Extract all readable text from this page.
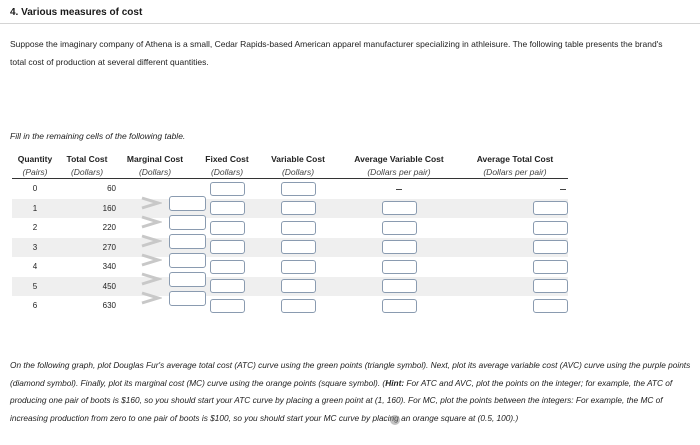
4. Various measures of cost
Suppose the imaginary company of Athena is a small, Cedar Rapids-based American apparel manufacturer specializing in athleisure. The following table presents the brand's total cost of production at several different quantities.
Fill in the remaining cells of the following table.
Quantity	Total Cost	Marginal Cost	Fixed Cost	Variable Cost	Average Variable Cost	Average Total Cost
(Pairs)	(Dollars)	(Dollars)	(Dollars)	(Dollars)	(Dollars per pair)	(Dollars per pair)
0	60					
1	160					
2	220					
3	270					
4	340					
5	450					
6	630					
On the following graph, plot Douglas Fur's average total cost (ATC) curve using the green points (triangle symbol). Next, plot its average variable cost (AVC) curve using the purple points (diamond symbol). Finally, plot its marginal cost (MC) curve using the orange points (square symbol). (Hint: For ATC and AVC, plot the points on the integer; for example, the ATC of producing one pair of boots is $160, so you should start your ATC curve by placing a green point at (1, 160). For MC, plot the points between the integers: For example, the MC of increasing production from zero to one pair of boots is $100, so you should start your MC curve by placing an orange square at (0.5, 100).)
